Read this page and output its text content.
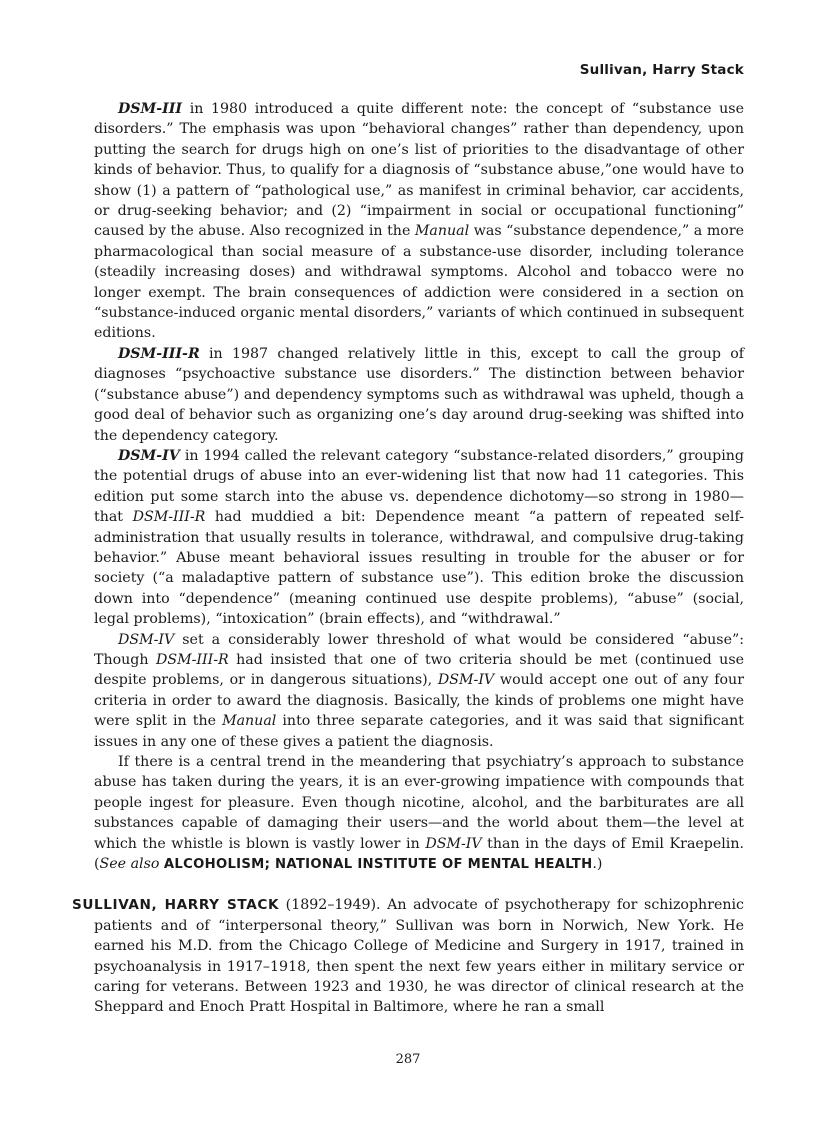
Sullivan, Harry Stack

DSM-III in 1980 introduced a quite different note: the concept of “substance use disorders.” The emphasis was upon “behavioral changes” rather than dependency, upon putting the search for drugs high on one’s list of priorities to the disadvantage of other kinds of behavior. Thus, to qualify for a diagnosis of “substance abuse,”one would have to show (1) a pattern of “pathological use,” as manifest in criminal behavior, car accidents, or drug-seeking behavior; and (2) “impairment in social or occupational functioning” caused by the abuse. Also recognized in the Manual was “substance dependence,” a more pharmacological than social measure of a substance-use disorder, including tolerance (steadily increasing doses) and withdrawal symptoms. Alcohol and tobacco were no longer exempt. The brain consequences of addiction were considered in a section on “substance-induced organic mental disorders,” variants of which continued in subsequent editions.

DSM-III-R in 1987 changed relatively little in this, except to call the group of diagnoses “psychoactive substance use disorders.” The distinction between behavior (“substance abuse”) and dependency symptoms such as withdrawal was upheld, though a good deal of behavior such as organizing one’s day around drug-seeking was shifted into the dependency category.

DSM-IV in 1994 called the relevant category “substance-related disorders,” grouping the potential drugs of abuse into an ever-widening list that now had 11 categories. This edition put some starch into the abuse vs. dependence dichotomy—so strong in 1980—that DSM-III-R had muddied a bit: Dependence meant “a pattern of repeated self-administration that usually results in tolerance, withdrawal, and compulsive drug-taking behavior.” Abuse meant behavioral issues resulting in trouble for the abuser or for society (“a maladaptive pattern of substance use”). This edition broke the discussion down into “dependence” (meaning continued use despite problems), “abuse” (social, legal problems), “intoxication” (brain effects), and “withdrawal.”

DSM-IV set a considerably lower threshold of what would be considered “abuse”: Though DSM-III-R had insisted that one of two criteria should be met (continued use despite problems, or in dangerous situations), DSM-IV would accept one out of any four criteria in order to award the diagnosis. Basically, the kinds of problems one might have were split in the Manual into three separate categories, and it was said that significant issues in any one of these gives a patient the diagnosis.

If there is a central trend in the meandering that psychiatry’s approach to substance abuse has taken during the years, it is an ever-growing impatience with compounds that people ingest for pleasure. Even though nicotine, alcohol, and the barbiturates are all substances capable of damaging their users—and the world about them—the level at which the whistle is blown is vastly lower in DSM-IV than in the days of Emil Kraepelin. (See also ALCOHOLISM; NATIONAL INSTITUTE OF MENTAL HEALTH.)

SULLIVAN, HARRY STACK (1892–1949). An advocate of psychotherapy for schizophrenic patients and of “interpersonal theory,” Sullivan was born in Norwich, New York. He earned his M.D. from the Chicago College of Medicine and Surgery in 1917, trained in psychoanalysis in 1917–1918, then spent the next few years either in military service or caring for veterans. Between 1923 and 1930, he was director of clinical research at the Sheppard and Enoch Pratt Hospital in Baltimore, where he ran a small

287
